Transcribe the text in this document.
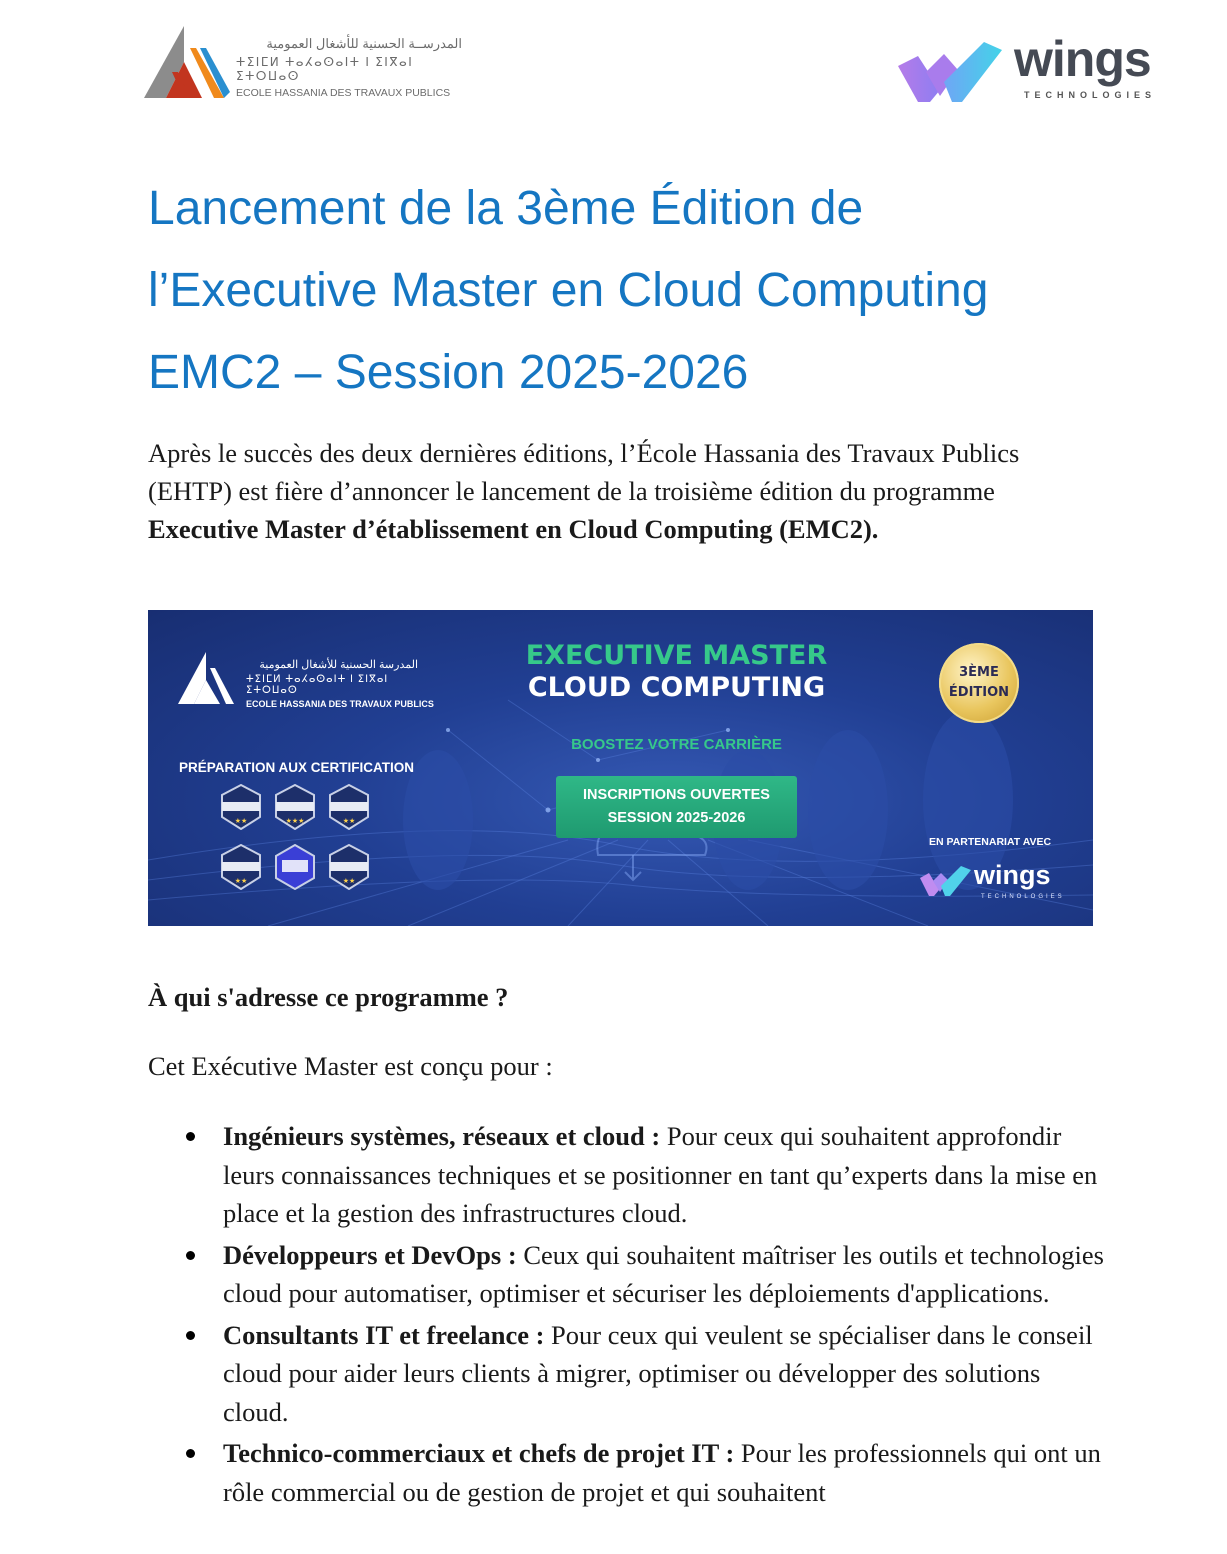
المدرســة الحسنية للأشغال العمومية
ⵜⵉⵏⵎⵍ ⵜⴰⵃⴰⵙⴰⵏⵜ Ⅰ ⵉⵏⴳⴰⵏ ⵉⵜⵔⵡⴰⵙ
ECOLE HASSANIA DES TRAVAUX PUBLICS
wings
TECHNOLOGIES
Lancement de la 3ème Édition de
l’Executive Master en Cloud Computing
EMC2 – Session 2025-2026

Après le succès des deux dernières éditions, l’École Hassania des Travaux Publics (EHTP) est fière d’annoncer le lancement de la troisième édition du programme Executive Master d’établissement en Cloud Computing (EMC2).

المدرسة الحسنية للأشغال العمومية
ⵜⵉⵏⵎⵍ ⵜⴰⵃⴰⵙⴰⵏⵜ Ⅰ ⵉⵏⴳⴰⵏ ⵉⵜⵔⵡⴰⵙ
ECOLE HASSANIA DES TRAVAUX PUBLICS
PRÉPARATION AUX CERTIFICATION
★★	★★★	★★
★★	★★
EXECUTIVE MASTER
CLOUD COMPUTING
BOOSTEZ VOTRE CARRIÈRE
INSCRIPTIONS OUVERTES
SESSION 2025-2026
3ÈME
ÉDITION
EN PARTENARIAT AVEC
wings
TECHNOLOGIES
À qui s'adresse ce programme ?

Cet Exécutive Master est conçu pour :

Ingénieurs systèmes, réseaux et cloud : Pour ceux qui souhaitent approfondir leurs connaissances techniques et se positionner en tant qu’experts dans la mise en place et la gestion des infrastructures cloud.
Développeurs et DevOps : Ceux qui souhaitent maîtriser les outils et technologies cloud pour automatiser, optimiser et sécuriser les déploiements d'applications.
Consultants IT et freelance : Pour ceux qui veulent se spécialiser dans le conseil cloud pour aider leurs clients à migrer, optimiser ou développer des solutions cloud.
Technico-commerciaux et chefs de projet IT : Pour les professionnels qui ont un rôle commercial ou de gestion de projet et qui souhaitent
